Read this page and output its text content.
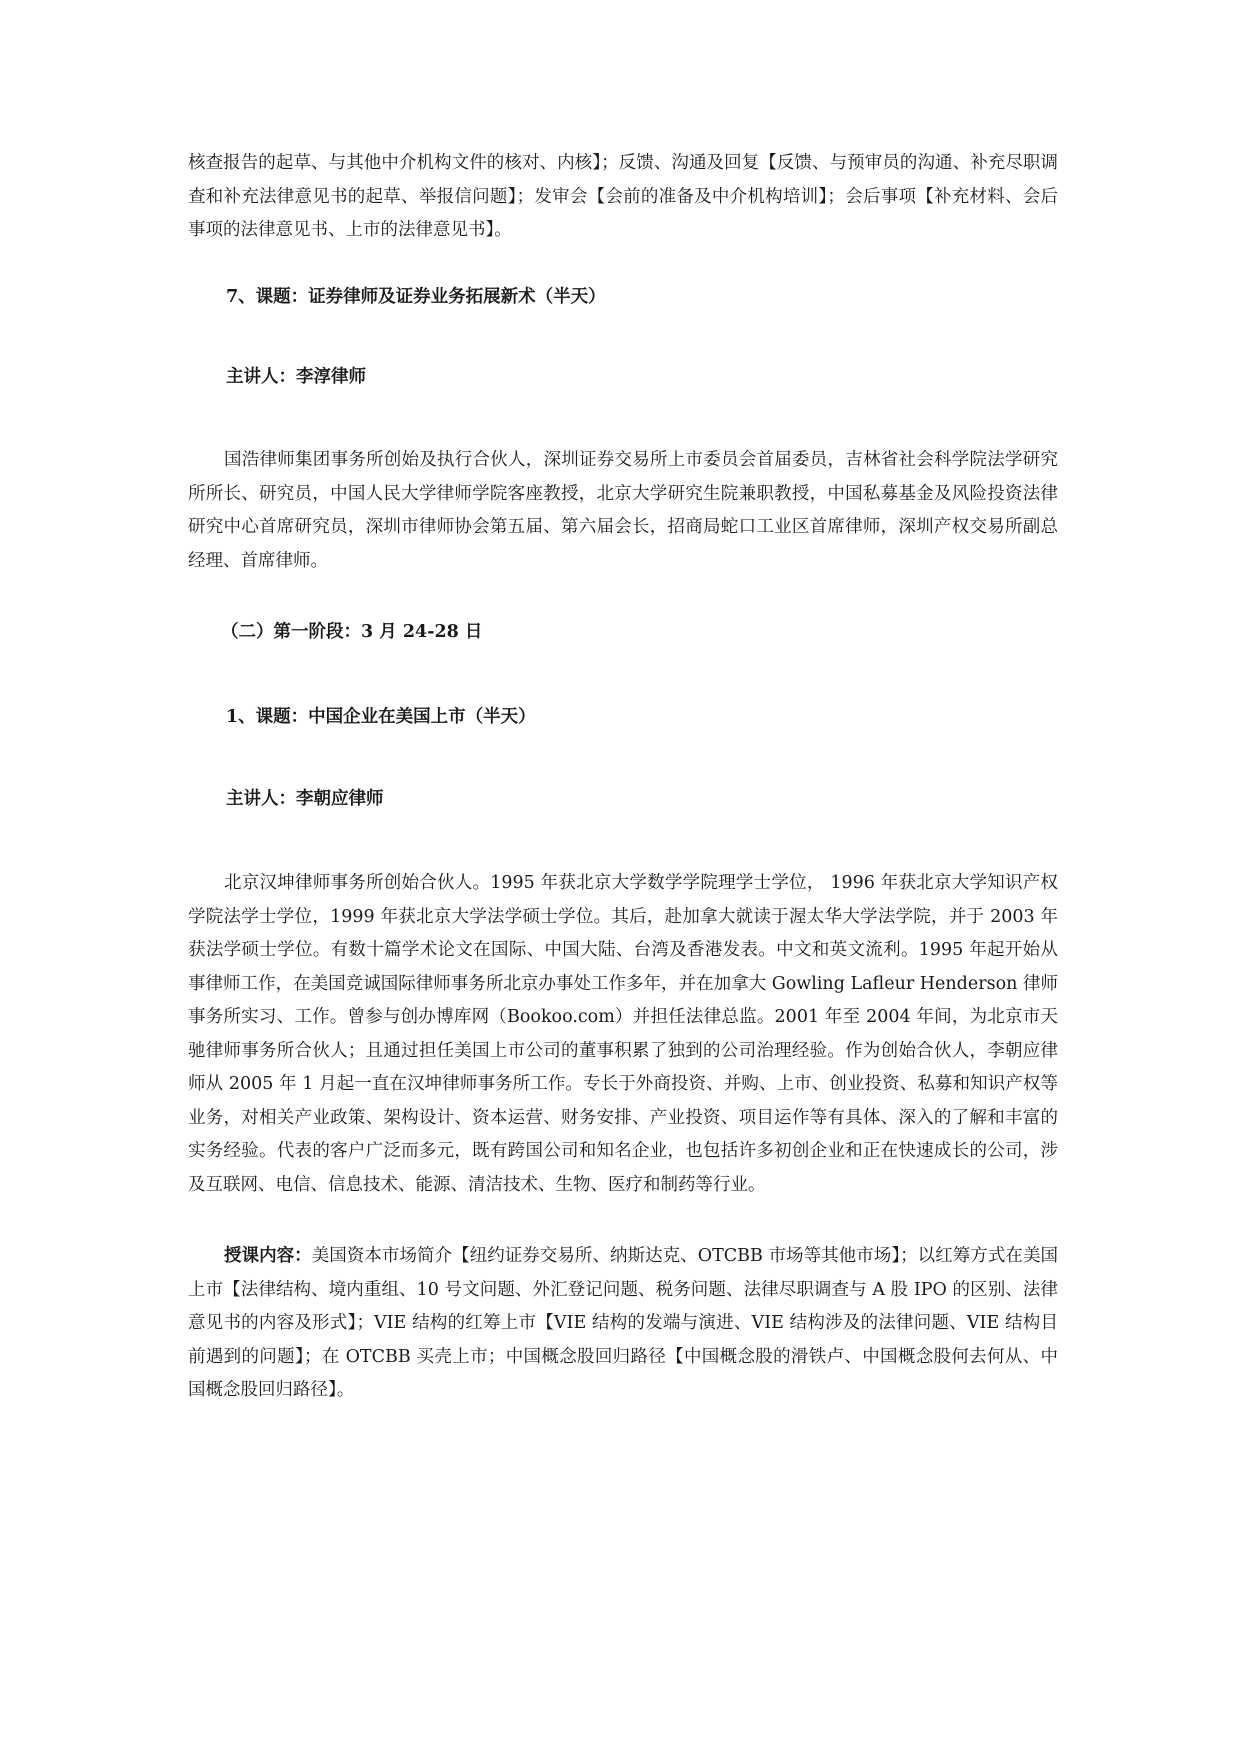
核查报告的起草、与其他中介机构文件的核对、内核】；反馈、沟通及回复【反馈、与预审员的沟通、补充尽职调查和补充法律意见书的起草、举报信问题】；发审会【会前的准备及中介机构培训】；会后事项【补充材料、会后事项的法律意见书、上市的法律意见书】。

7、课题：证券律师及证券业务拓展新术（半天）

主讲人：李淳律师

国浩律师集团事务所创始及执行合伙人，深圳证券交易所上市委员会首届委员，吉林省社会科学院法学研究所所长、研究员，中国人民大学律师学院客座教授，北京大学研究生院兼职教授，中国私募基金及风险投资法律研究中心首席研究员，深圳市律师协会第五届、第六届会长，招商局蛇口工业区首席律师，深圳产权交易所副总经理、首席律师。

（二）第一阶段：3 月 24-28 日

1、课题：中国企业在美国上市（半天）

主讲人：李朝应律师

北京汉坤律师事务所创始合伙人。1995 年获北京大学数学学院理学士学位， 1996 年获北京大学知识产权学院法学士学位，1999 年获北京大学法学硕士学位。其后，赴加拿大就读于渥太华大学法学院，并于 2003 年获法学硕士学位。有数十篇学术论文在国际、中国大陆、台湾及香港发表。中文和英文流利。1995 年起开始从事律师工作，在美国竞诚国际律师事务所北京办事处工作多年，并在加拿大 Gowling Lafleur Henderson 律师事务所实习、工作。曾参与创办博库网（Bookoo.com）并担任法律总监。2001 年至 2004 年间，为北京市天驰律师事务所合伙人；且通过担任美国上市公司的董事积累了独到的公司治理经验。作为创始合伙人，李朝应律师从 2005 年 1 月起一直在汉坤律师事务所工作。专长于外商投资、并购、上市、创业投资、私募和知识产权等业务，对相关产业政策、架构设计、资本运营、财务安排、产业投资、项目运作等有具体、深入的了解和丰富的实务经验。代表的客户广泛而多元，既有跨国公司和知名企业，也包括许多初创企业和正在快速成长的公司，涉及互联网、电信、信息技术、能源、清洁技术、生物、医疗和制药等行业。

授课内容：美国资本市场简介【纽约证券交易所、纳斯达克、OTCBB 市场等其他市场】；以红筹方式在美国上市【法律结构、境内重组、10 号文问题、外汇登记问题、税务问题、法律尽职调查与 A 股 IPO 的区别、法律意见书的内容及形式】；VIE 结构的红筹上市【VIE 结构的发端与演进、VIE 结构涉及的法律问题、VIE 结构目前遇到的问题】；在 OTCBB 买壳上市；中国概念股回归路径【中国概念股的滑铁卢、中国概念股何去何从、中国概念股回归路径】。
